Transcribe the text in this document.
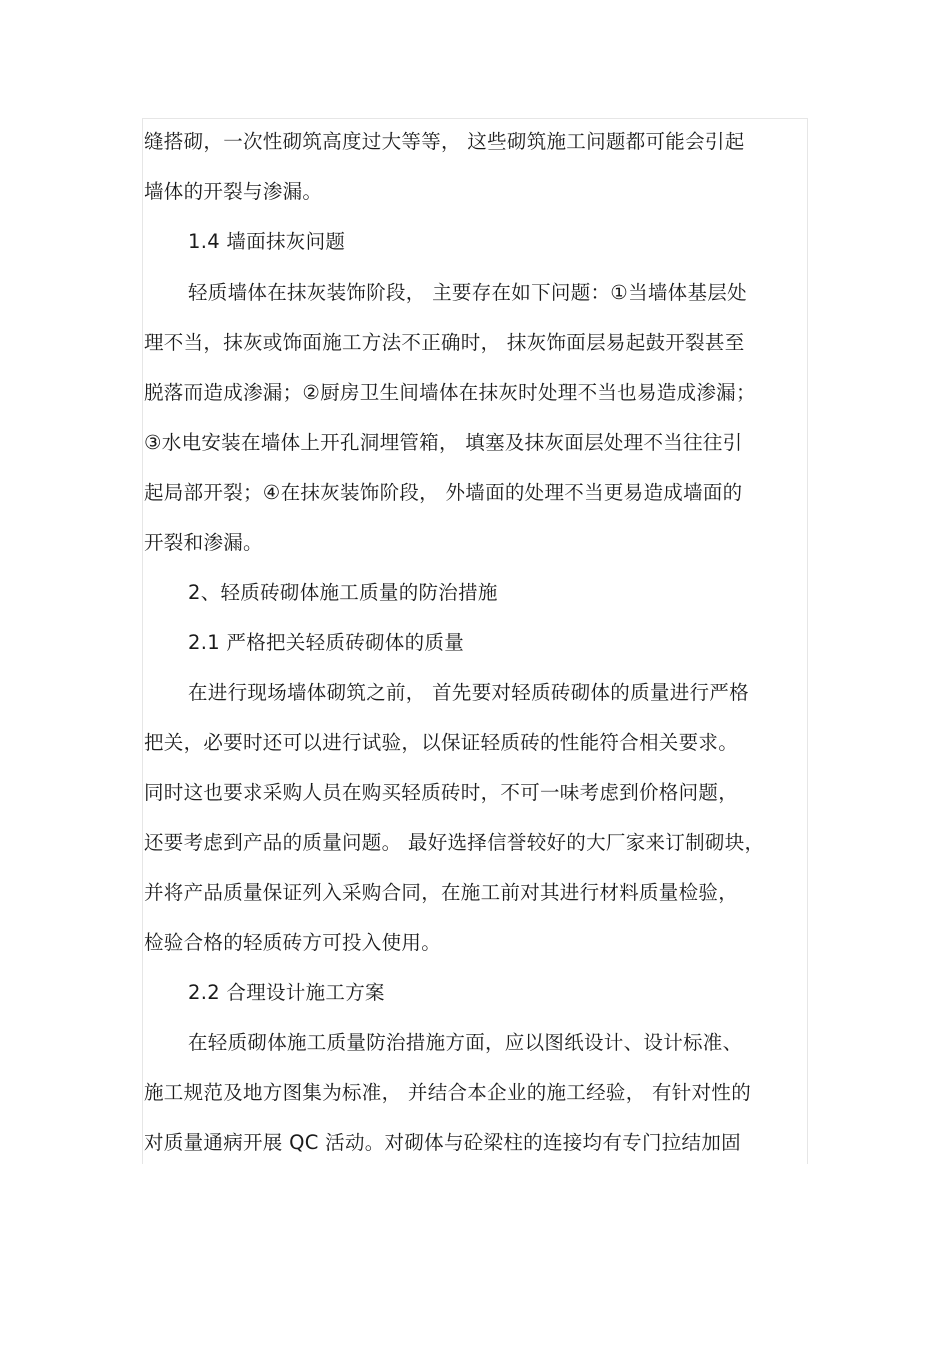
缝搭砌，一次性砌筑高度过大等等， 这些砌筑施工问题都可能会引起
墙体的开裂与渗漏。
1.4 墙面抹灰问题
轻质墙体在抹灰装饰阶段， 主要存在如下问题：①当墙体基层处
理不当，抹灰或饰面施工方法不正确时， 抹灰饰面层易起鼓开裂甚至
脱落而造成渗漏；②厨房卫生间墙体在抹灰时处理不当也易造成渗漏；
③水电安装在墙体上开孔洞埋管箱， 填塞及抹灰面层处理不当往往引
起局部开裂；④在抹灰装饰阶段， 外墙面的处理不当更易造成墙面的
开裂和渗漏。
2、轻质砖砌体施工质量的防治措施
2.1 严格把关轻质砖砌体的质量
在进行现场墙体砌筑之前， 首先要对轻质砖砌体的质量进行严格
把关，必要时还可以进行试验，以保证轻质砖的性能符合相关要求。
同时这也要求采购人员在购买轻质砖时，不可一味考虑到价格问题，
还要考虑到产品的质量问题。 最好选择信誉较好的大厂家来订制砌块，
并将产品质量保证列入采购合同，在施工前对其进行材料质量检验，
检验合格的轻质砖方可投入使用。
2.2 合理设计施工方案
在轻质砌体施工质量防治措施方面，应以图纸设计、设计标准、
施工规范及地方图集为标准， 并结合本企业的施工经验， 有针对性的
对质量通病开展 QC 活动。对砌体与砼梁柱的连接均有专门拉结加固
